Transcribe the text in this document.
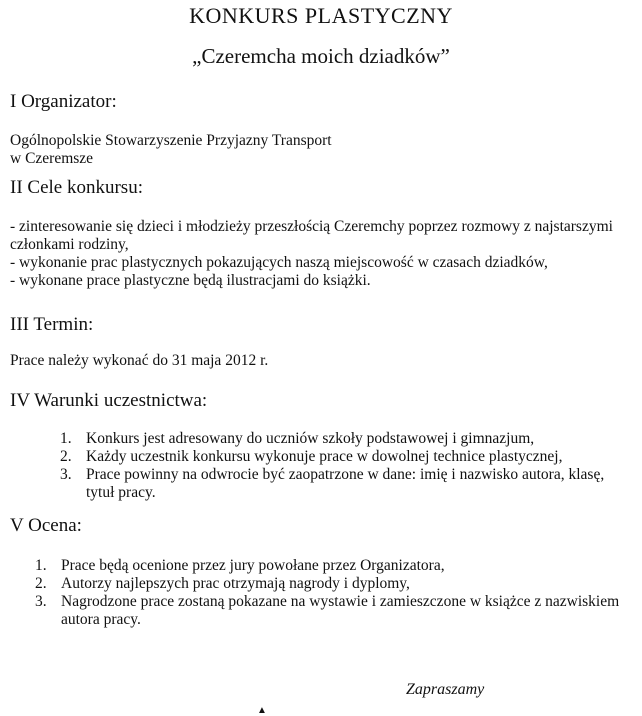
KONKURS PLASTYCZNY
„Czeremcha moich dziadków”
I Organizator:
Ogólnopolskie Stowarzyszenie Przyjazny Transport
w Czeremsze
II Cele konkursu:

- zinteresowanie się dzieci i młodzieży przeszłością Czeremchy poprzez rozmowy z najstarszymi członkami rodziny,

- wykonanie prac plastycznych pokazujących naszą miejscowość w czasach dziadków,

- wykonane prace plastyczne będą ilustracjami do książki.

III Termin:
Prace należy wykonać do 31 maja 2012 r.
IV Warunki uczestnictwa:
1. Konkurs jest adresowany do uczniów szkoły podstawowej i gimnazjum,
2. Każdy uczestnik konkursu wykonuje prace w dowolnej technice plastycznej,
3. Prace powinny na odwrocie być zaopatrzone w dane: imię i nazwisko autora, klasę, tytuł pracy.
V Ocena:
1. Prace będą ocenione przez jury powołane przez Organizatora,
2. Autorzy najlepszych prac otrzymają nagrody i dyplomy,
3. Nagrodzone prace zostaną pokazane na wystawie i zamieszczone w książce z nazwiskiem autora pracy.
Zapraszamy
▲
